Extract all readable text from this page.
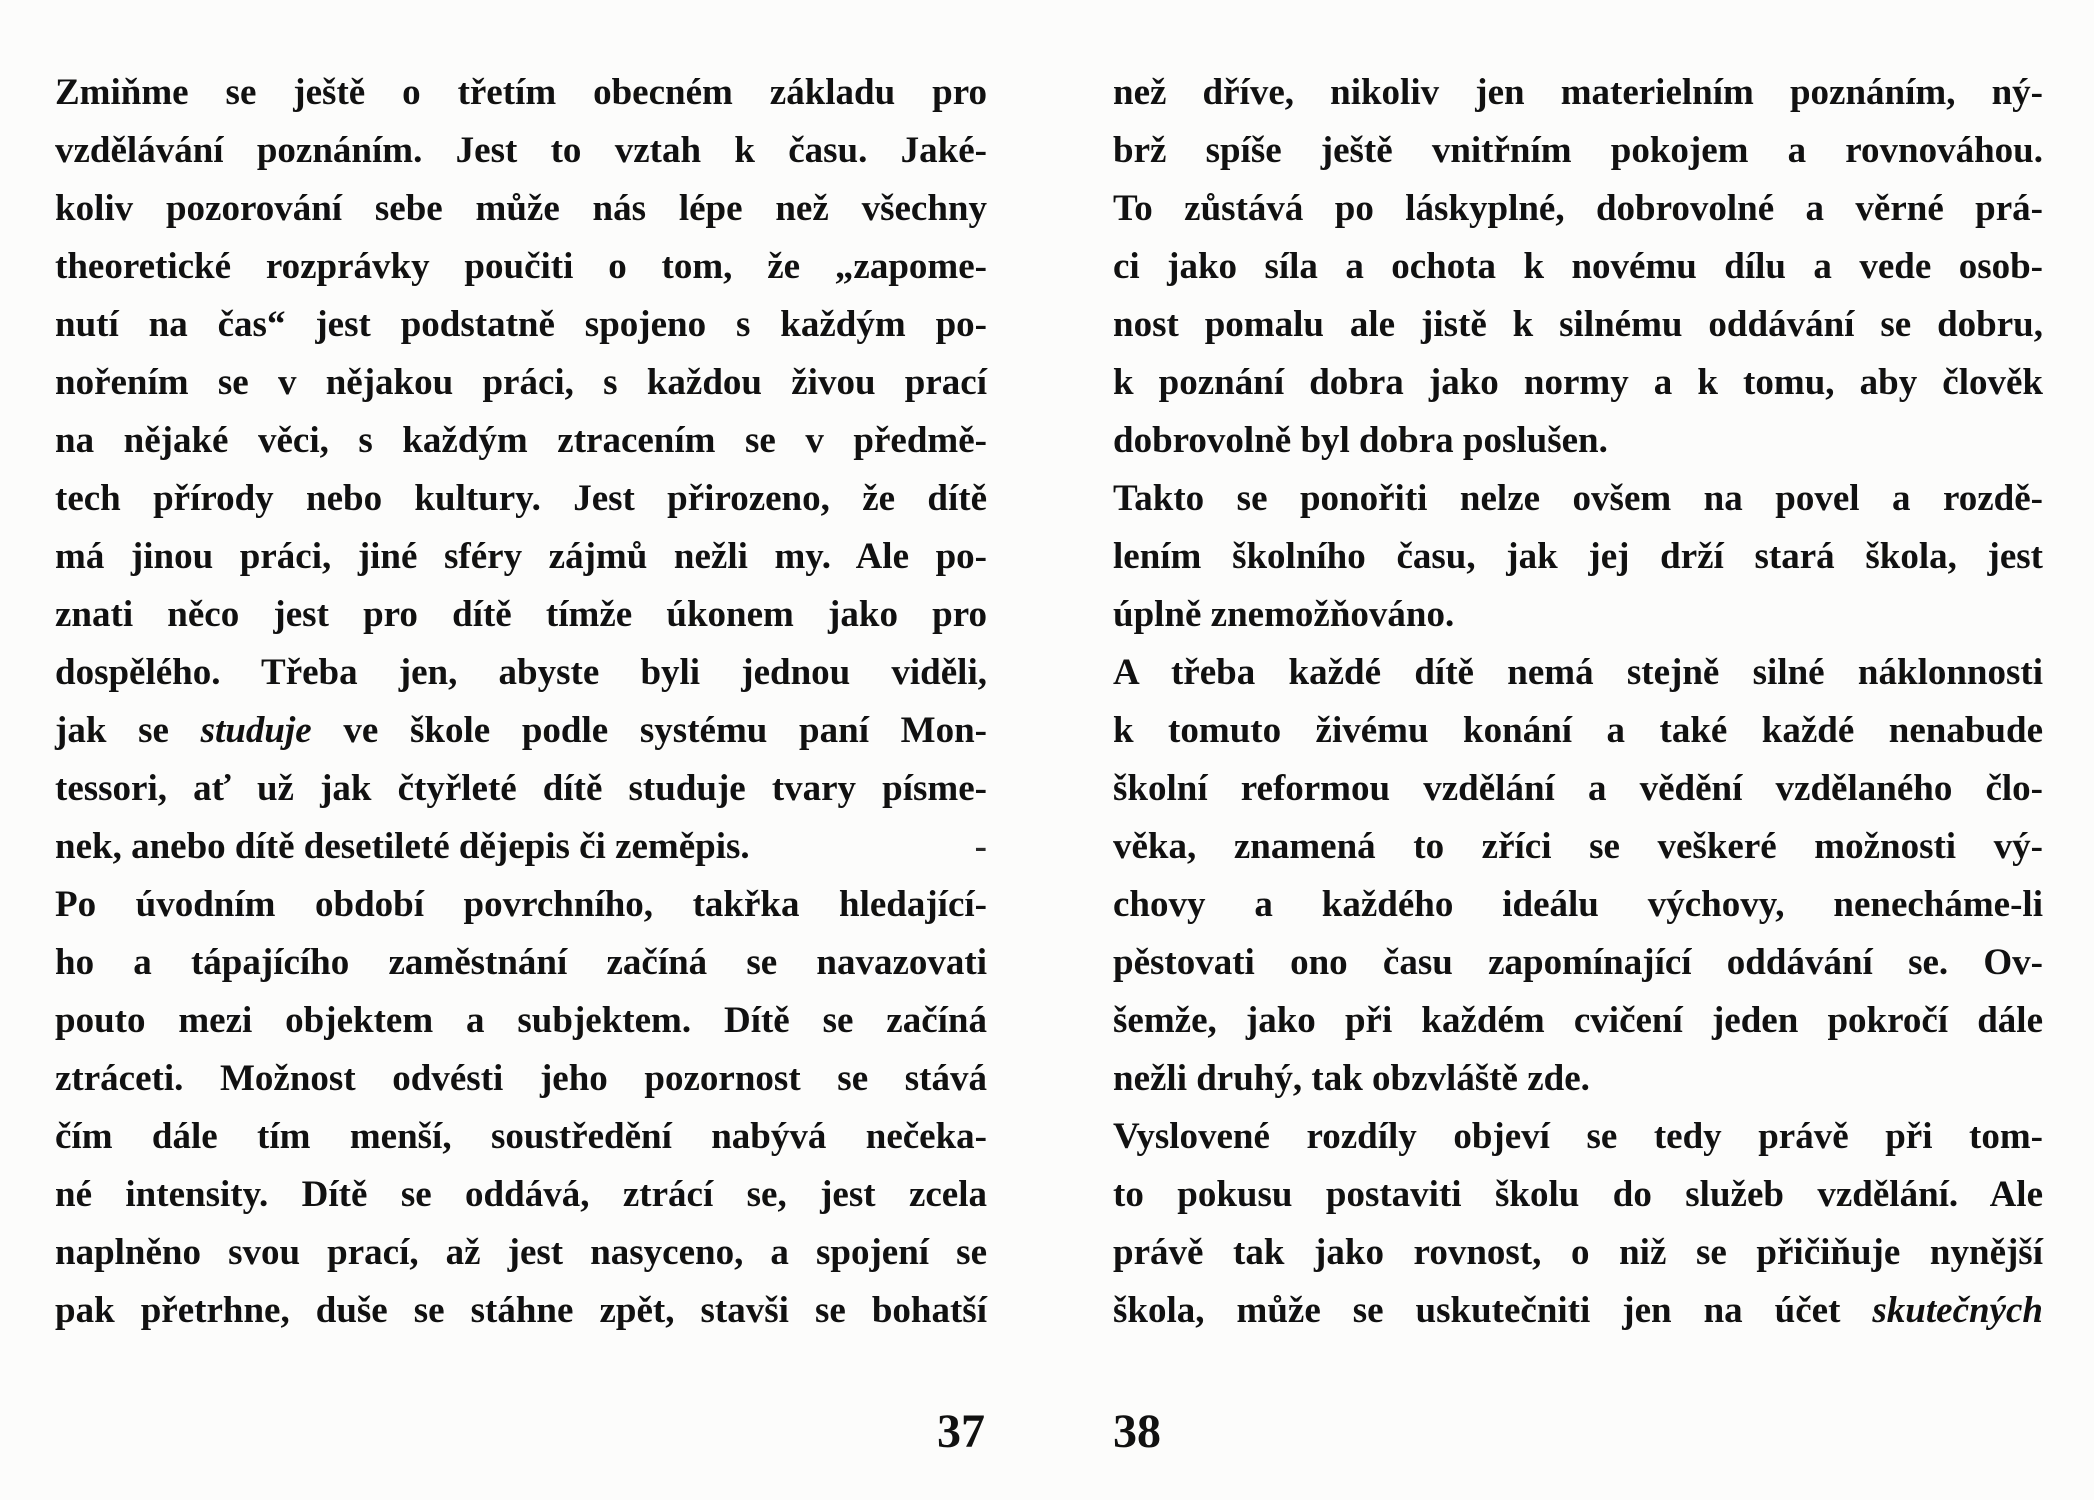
Zmiňme se ještě o třetím obecném základu pro
vzdělávání poznáním. Jest to vztah k času. Jaké-
koliv pozorování sebe může nás lépe než všechny
theoretické rozprávky poučiti o tom, že „zapome-
nutí na čas“ jest podstatně spojeno s každým po-
nořením se v nějakou práci, s každou živou prací
na nějaké věci, s každým ztracením se v předmě-
tech přírody nebo kultury. Jest přirozeno, že dítě
má jinou práci, jiné sféry zájmů nežli my. Ale po-
znati něco jest pro dítě tímže úkonem jako pro
dospělého. Třeba jen, abyste byli jednou viděli,
jak se studuje ve škole podle systému paní Mon-
tessori, ať už jak čtyřleté dítě studuje tvary písme-
-
nek, anebo dítě desetileté dějepis či zeměpis.
Po úvodním období povrchního, takřka hledající-
ho a tápajícího zaměstnání začíná se navazovati
pouto mezi objektem a subjektem. Dítě se začíná
ztráceti. Možnost odvésti jeho pozornost se stává
čím dále tím menší, soustředění nabývá nečeka-
né intensity. Dítě se oddává, ztrácí se, jest zcela
naplněno svou prací, až jest nasyceno, a spojení se
pak přetrhne, duše se stáhne zpět, stavši se bohatší
37
než dříve, nikoliv jen materielním poznáním, ný-
brž spíše ještě vnitřním pokojem a rovnováhou.
To zůstává po láskyplné, dobrovolné a věrné prá-
ci jako síla a ochota k novému dílu a vede osob-
nost pomalu ale jistě k silnému oddávání se dobru,
k poznání dobra jako normy a k tomu, aby člověk
dobrovolně byl dobra poslušen.
Takto se ponořiti nelze ovšem na povel a rozdě-
lením školního času, jak jej drží stará škola, jest
úplně znemožňováno.
A třeba každé dítě nemá stejně silné náklonnosti
k tomuto živému konání a také každé nenabude
školní reformou vzdělání a vědění vzdělaného člo-
věka, znamená to zříci se veškeré možnosti vý-
chovy a každého ideálu výchovy, nenecháme-li
pěstovati ono času zapomínající oddávání se. Ov-
šemže, jako při každém cvičení jeden pokročí dále
nežli druhý, tak obzvláště zde.
Vyslovené rozdíly objeví se tedy právě při tom-
to pokusu postaviti školu do služeb vzdělání. Ale
právě tak jako rovnost, o niž se přičiňuje nynější
škola, může se uskutečniti jen na účet skutečných
38
